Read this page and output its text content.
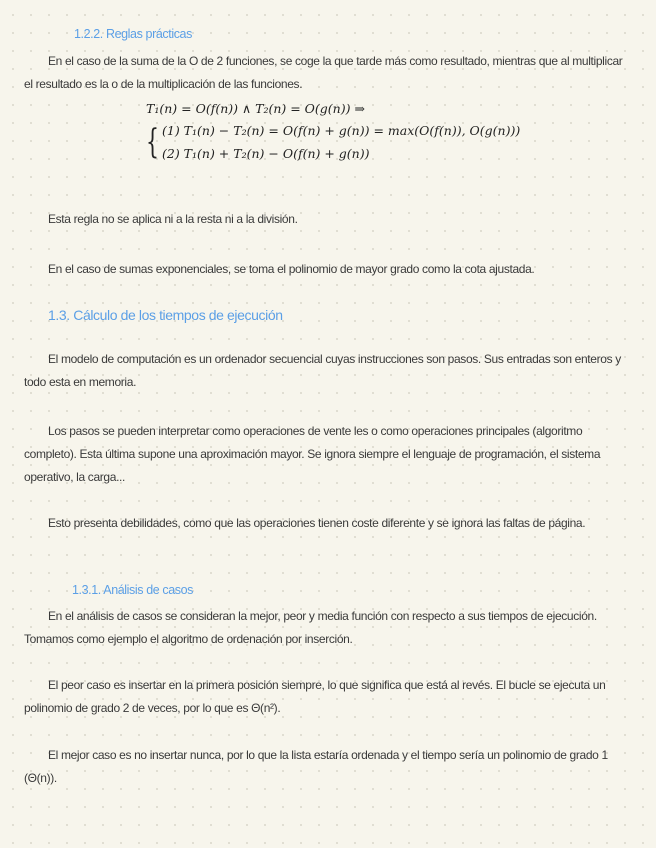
1.2.2. Reglas prácticas

En el caso de la suma de la O de 2 funciones, se coge la que tarde más como resultado, mientras que al multiplicar el resultado es la o de la multiplicación de las funciones.

T₁(n) = O(f(n)) ∧ T₂(n) = O(g(n)) ⇒

{ (1) T₁(n) − T₂(n) = O(f(n) + g(n)) = max(O(f(n)), O(g(n)))

(2) T₁(n) + T₂(n) − O(f(n) + g(n))

Esta regla no se aplica ni a la resta ni a la división.

En el caso de sumas exponenciales, se toma el polinomio de mayor grado como la cota ajustada.

1.3. Cálculo de los tiempos de ejecución

El modelo de computación es un ordenador secuencial cuyas instrucciones son pasos. Sus entradas son enteros y todo esta en memoria.

Los pasos se pueden interpretar como operaciones de vente les o como operaciones principales (algoritmo completo). Esta última supone una aproximación mayor. Se ignora siempre el lenguaje de programación, el sistema operativo, la carga...

Esto presenta debilidades, como que las operaciones tienen coste diferente y se ignora las faltas de página.

1.3.1. Análisis de casos

En el análisis de casos se consideran la mejor, peor y media función con respecto a sus tiempos de ejecución. Tomamos como ejemplo el algoritmo de ordenación por inserción.

El peor caso es insertar en la primera posición siempre, lo que significa que está al revés. El bucle se ejecuta un polinomio de grado 2 de veces, por lo que es Θ(n²).

El mejor caso es no insertar nunca, por lo que la lista estaría ordenada y el tiempo sería un polinomio de grado 1 (Θ(n)).
